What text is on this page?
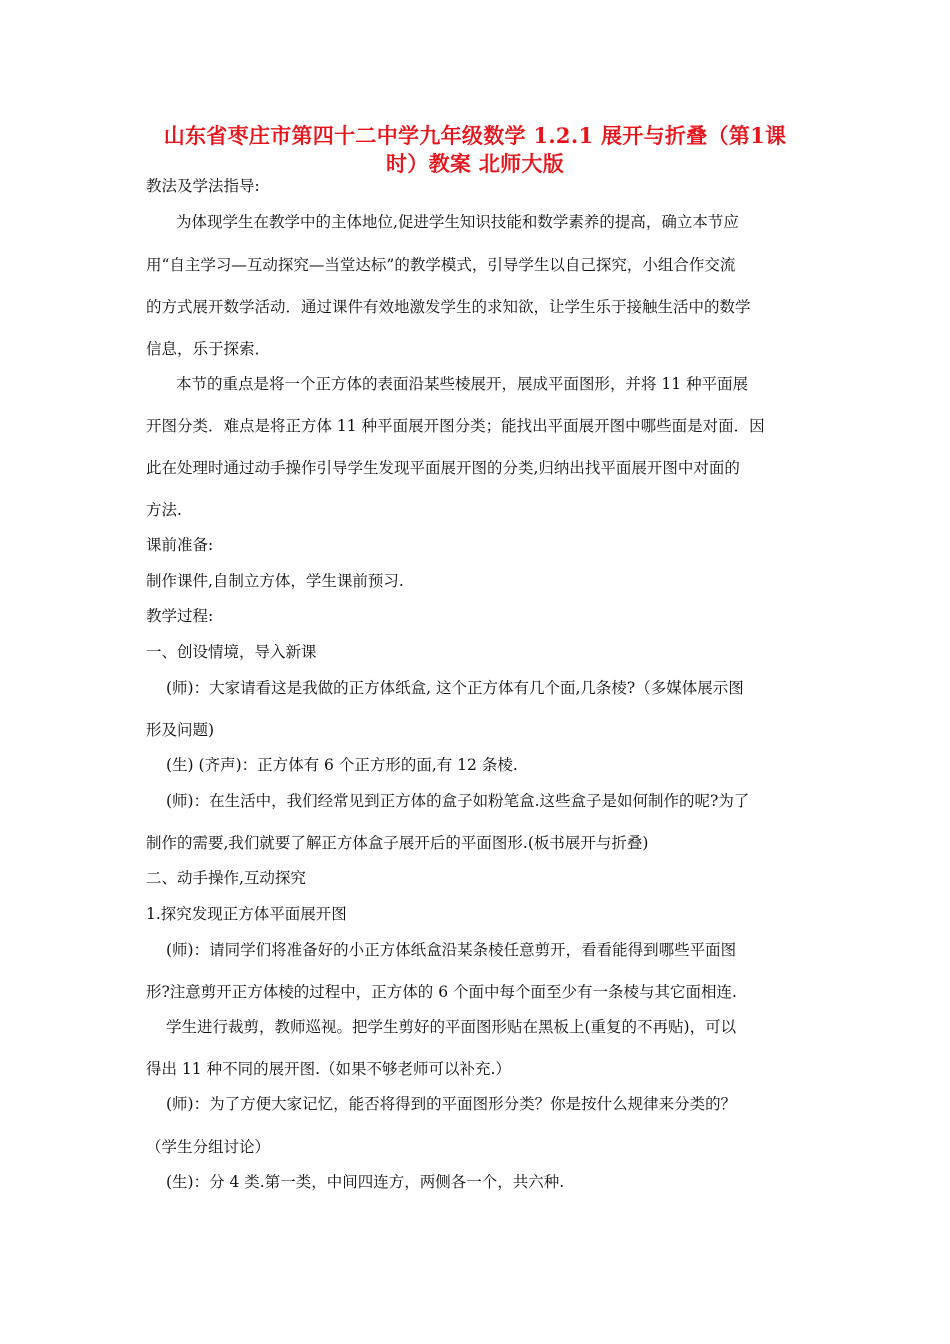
山东省枣庄市第四十二中学九年级数学 1.2.1 展开与折叠（第1课
时）教案 北师大版
教法及学法指导:
为体现学生在教学中的主体地位,促进学生知识技能和数学素养的提高，确立本节应
用“自主学习—互动探究—当堂达标”的教学模式，引导学生以自己探究，小组合作交流
的方式展开数学活动．通过课件有效地激发学生的求知欲，让学生乐于接触生活中的数学
信息，乐于探索．
本节的重点是将一个正方体的表面沿某些棱展开，展成平面图形，并将 11 种平面展
开图分类．难点是将正方体 11 种平面展开图分类；能找出平面展开图中哪些面是对面．因
此在处理时通过动手操作引导学生发现平面展开图的分类,归纳出找平面展开图中对面的
方法.
课前准备:
制作课件,自制立方体，学生课前预习.
教学过程:
一、创设情境，导入新课
(师)：大家请看这是我做的正方体纸盒, 这个正方体有几个面,几条棱?（多媒体展示图
形及问题)
(生) (齐声)：正方体有 6 个正方形的面,有 12 条棱.
(师)：在生活中，我们经常见到正方体的盒子如粉笔盒.这些盒子是如何制作的呢?为了
制作的需要,我们就要了解正方体盒子展开后的平面图形.(板书展开与折叠)
二、动手操作,互动探究
1.探究发现正方体平面展开图
(师)：请同学们将准备好的小正方体纸盒沿某条棱任意剪开，看看能得到哪些平面图
形?注意剪开正方体棱的过程中，正方体的 6 个面中每个面至少有一条棱与其它面相连.
学生进行裁剪，教师巡视。把学生剪好的平面图形贴在黑板上(重复的不再贴)，可以
得出 11 种不同的展开图.（如果不够老师可以补充.）
(师)：为了方便大家记忆，能否将得到的平面图形分类？你是按什么规律来分类的？
（学生分组讨论）
(生)：分 4 类.第一类，中间四连方，两侧各一个，共六种.
